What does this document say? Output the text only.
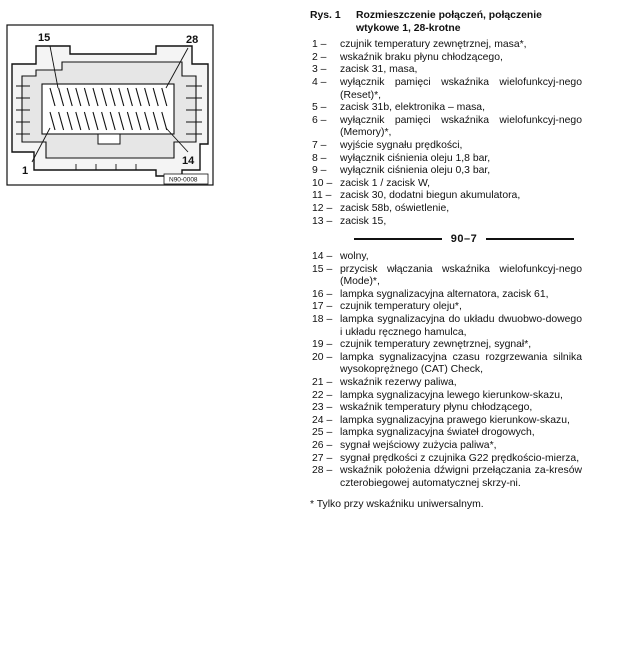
15	28
1
14
N90-0008
Rys. 1 Rozmieszczenie połączeń, połączenie wtykowe 1, 28-krotne
1 –	czujnik temperatury zewnętrznej, masa*,
2 –	wskaźnik braku płynu chłodzącego,
3 –	zacisk 31, masa,
4 –	wyłącznik pamięci wskaźnika wielofunkcyj-nego (Reset)*,
5 –	zacisk 31b, elektronika – masa,
6 –	wyłącznik pamięci wskaźnika wielofunkcyj-nego (Memory)*,
7 –	wyjście sygnału prędkości,
8 –	wyłącznik ciśnienia oleju 1,8 bar,
9 –	wyłącznik ciśnienia oleju 0,3 bar,
10 – zacisk 1 / zacisk W,
11 – zacisk 30, dodatni biegun akumulatora,
12 – zacisk 58b, oświetlenie,
13 – zacisk 15,
90–7
14 – wolny,
15 – przycisk włączania wskaźnika wielofunkcyj-nego (Mode)*,
16 – lampka sygnalizacyjna alternatora, zacisk 61,
17 – czujnik temperatury oleju*,
18 – lampka sygnalizacyjna do układu dwuobwo-dowego i układu ręcznego hamulca,
19 – czujnik temperatury zewnętrznej, sygnał*,
20 – lampka sygnalizacyjna czasu rozgrzewania silnika wysokoprężnego (CAT) Check,
21 – wskaźnik rezerwy paliwa,
22 – lampka sygnalizacyjna lewego kierunkow-skazu,
23 – wskaźnik temperatury płynu chłodzącego,
24 – lampka sygnalizacyjna prawego kierunkow-skazu,
25 – lampka sygnalizacyjna świateł drogowych,
26 – sygnał wejściowy zużycia paliwa*,
27 – sygnał prędkości z czujnika G22 prędkościo-mierza,
28 – wskaźnik położenia dźwigni przełączania za-kresów czterobiegowej automatycznej skrzy-ni.
* Tylko przy wskaźniku uniwersalnym.
